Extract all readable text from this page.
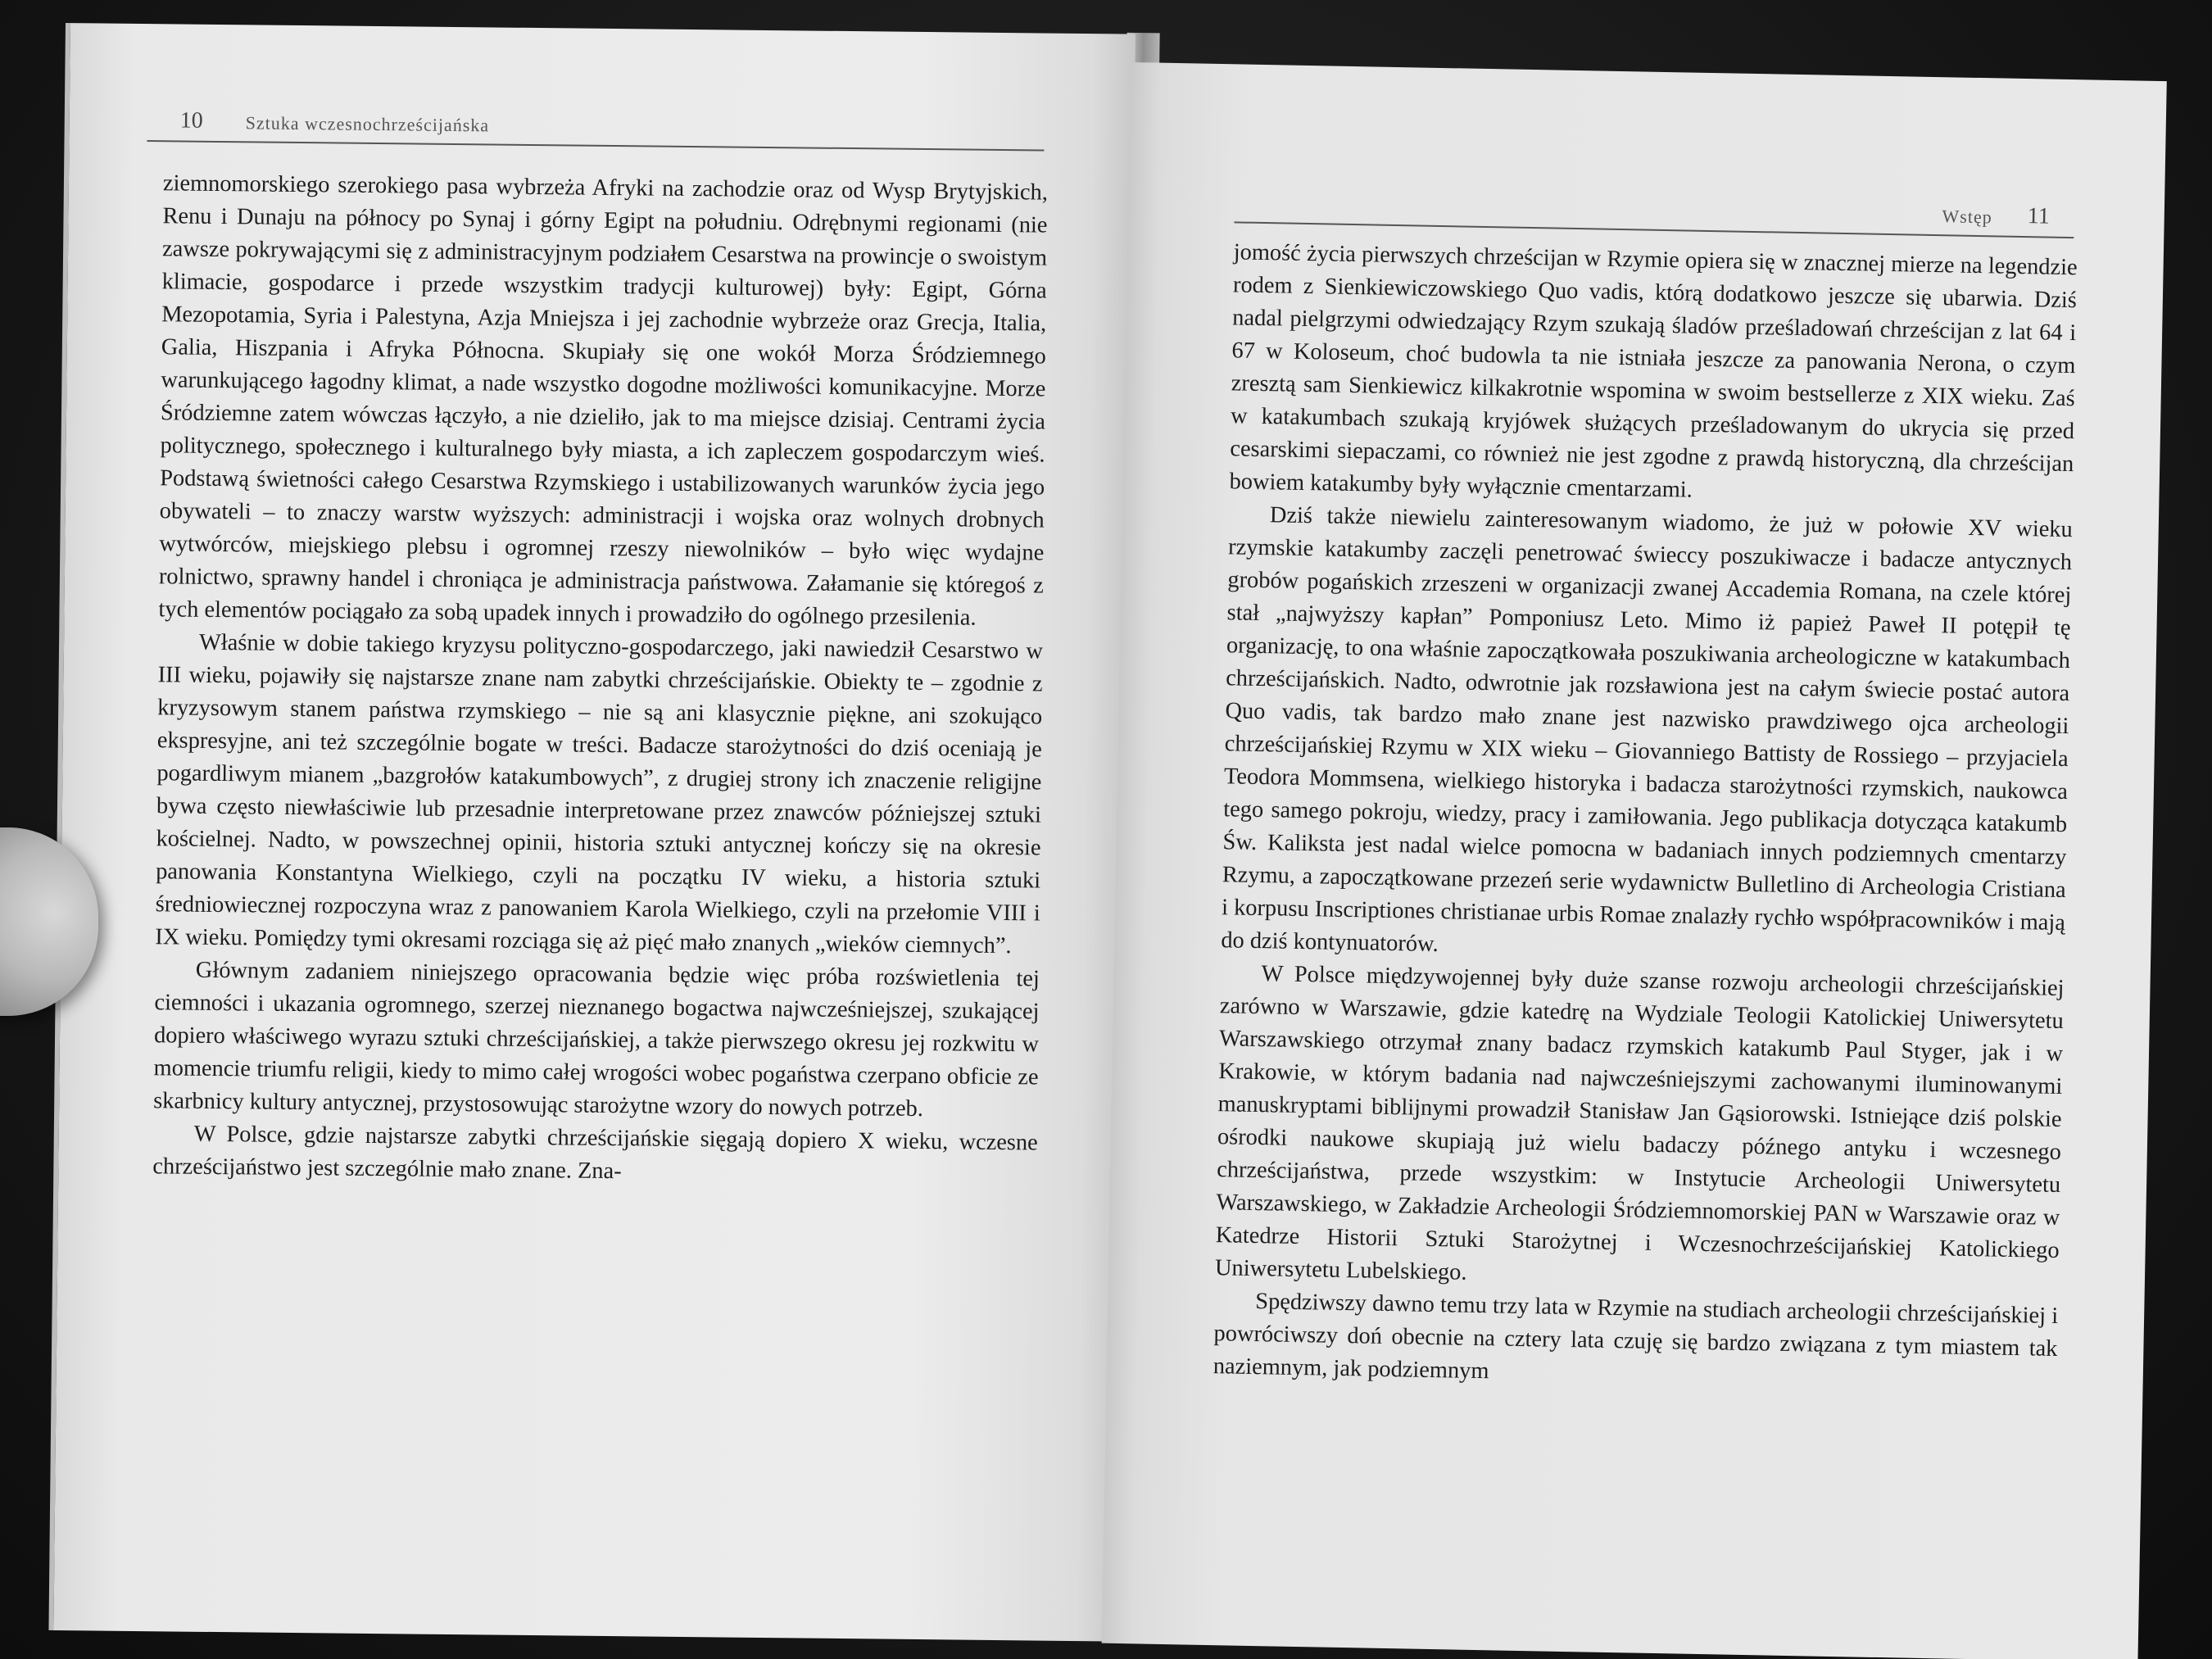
10 Sztuka wczesnochrześcijańska

ziemnomorskiego szerokiego pasa wybrzeża Afryki na zachodzie oraz od Wysp Brytyjskich, Renu i Dunaju na północy po Synaj i górny Egipt na południu. Odrębnymi regionami (nie zawsze pokrywającymi się z administracyjnym podziałem Cesarstwa na prowincje o swoistym klimacie, gospodarce i przede wszystkim tradycji kulturowej) były: Egipt, Górna Mezopotamia, Syria i Palestyna, Azja Mniejsza i jej zachodnie wybrzeże oraz Grecja, Italia, Galia, Hiszpania i Afryka Północna. Skupiały się one wokół Morza Śródziemnego warunkującego łagodny klimat, a nade wszystko dogodne możliwości komunikacyjne. Morze Śródziemne zatem wówczas łączyło, a nie dzieliło, jak to ma miejsce dzisiaj. Centrami życia politycznego, społecznego i kulturalnego były miasta, a ich zapleczem gospodarczym wieś. Podstawą świetności całego Cesarstwa Rzymskiego i ustabilizowanych warunków życia jego obywateli – to znaczy warstw wyższych: administracji i wojska oraz wolnych drobnych wytwórców, miejskiego plebsu i ogromnej rzeszy niewolników – było więc wydajne rolnictwo, sprawny handel i chroniąca je administracja państwowa. Załamanie się któregoś z tych elementów pociągało za sobą upadek innych i prowadziło do ogólnego przesilenia.

Właśnie w dobie takiego kryzysu polityczno-gospodarczego, jaki nawiedził Cesarstwo w III wieku, pojawiły się najstarsze znane nam zabytki chrześcijańskie. Obiekty te – zgodnie z kryzysowym stanem państwa rzymskiego – nie są ani klasycznie piękne, ani szokująco ekspresyjne, ani też szczególnie bogate w treści. Badacze starożytności do dziś oceniają je pogardliwym mianem „bazgrołów katakumbowych”, z drugiej strony ich znaczenie religijne bywa często niewłaściwie lub przesadnie interpretowane przez znawców późniejszej sztuki kościelnej. Nadto, w powszechnej opinii, historia sztuki antycznej kończy się na okresie panowania Konstantyna Wielkiego, czyli na początku IV wieku, a historia sztuki średniowiecznej rozpoczyna wraz z panowaniem Karola Wielkiego, czyli na przełomie VIII i IX wieku. Pomiędzy tymi okresami rozciąga się aż pięć mało znanych „wieków ciemnych”.

Głównym zadaniem niniejszego opracowania będzie więc próba rozświetlenia tej ciemności i ukazania ogromnego, szerzej nieznanego bogactwa najwcześniejszej, szukającej dopiero właściwego wyrazu sztuki chrześcijańskiej, a także pierwszego okresu jej rozkwitu w momencie triumfu religii, kiedy to mimo całej wrogości wobec pogaństwa czerpano obficie ze skarbnicy kultury antycznej, przystosowując starożytne wzory do nowych potrzeb.

W Polsce, gdzie najstarsze zabytki chrześcijańskie sięgają dopiero X wieku, wczesne chrześcijaństwo jest szczególnie mało znane. Zna-

Wstęp 11

jomość życia pierwszych chrześcijan w Rzymie opiera się w znacznej mierze na legendzie rodem z Sienkiewiczowskiego Quo vadis, którą dodatkowo jeszcze się ubarwia. Dziś nadal pielgrzymi odwiedzający Rzym szukają śladów prześladowań chrześcijan z lat 64 i 67 w Koloseum, choć budowla ta nie istniała jeszcze za panowania Nerona, o czym zresztą sam Sienkiewicz kilkakrotnie wspomina w swoim bestsellerze z XIX wieku. Zaś w katakumbach szukają kryjówek służących prześladowanym do ukrycia się przed cesarskimi siepaczami, co również nie jest zgodne z prawdą historyczną, dla chrześcijan bowiem katakumby były wyłącznie cmentarzami.

Dziś także niewielu zainteresowanym wiadomo, że już w połowie XV wieku rzymskie katakumby zaczęli penetrować świeccy poszukiwacze i badacze antycznych grobów pogańskich zrzeszeni w organizacji zwanej Accademia Romana, na czele której stał „najwyższy kapłan” Pomponiusz Leto. Mimo iż papież Paweł II potępił tę organizację, to ona właśnie zapoczątkowała poszukiwania archeologiczne w katakumbach chrześcijańskich. Nadto, odwrotnie jak rozsławiona jest na całym świecie postać autora Quo vadis, tak bardzo mało znane jest nazwisko prawdziwego ojca archeologii chrześcijańskiej Rzymu w XIX wieku – Giovanniego Battisty de Rossiego – przyjaciela Teodora Mommsena, wielkiego historyka i badacza starożytności rzymskich, naukowca tego samego pokroju, wiedzy, pracy i zamiłowania. Jego publikacja dotycząca katakumb Św. Kaliksta jest nadal wielce pomocna w badaniach innych podziemnych cmentarzy Rzymu, a zapoczątkowane przezeń serie wydawnictw Bulletlino di Archeologia Cristiana i korpusu Inscriptiones christianae urbis Romae znalazły rychło współpracowników i mają do dziś kontynuatorów.

W Polsce międzywojennej były duże szanse rozwoju archeologii chrześcijańskiej zarówno w Warszawie, gdzie katedrę na Wydziale Teologii Katolickiej Uniwersytetu Warszawskiego otrzymał znany badacz rzymskich katakumb Paul Styger, jak i w Krakowie, w którym badania nad najwcześniejszymi zachowanymi iluminowanymi manuskryptami biblijnymi prowadził Stanisław Jan Gąsiorowski. Istniejące dziś polskie ośrodki naukowe skupiają już wielu badaczy późnego antyku i wczesnego chrześcijaństwa, przede wszystkim: w Instytucie Archeologii Uniwersytetu Warszawskiego, w Zakładzie Archeologii Śródziemnomorskiej PAN w Warszawie oraz w Katedrze Historii Sztuki Starożytnej i Wczesnochrześcijańskiej Katolickiego Uniwersytetu Lubelskiego.

Spędziwszy dawno temu trzy lata w Rzymie na studiach archeologii chrześcijańskiej i powróciwszy doń obecnie na cztery lata czuję się bardzo związana z tym miastem tak naziemnym, jak podziemnym
